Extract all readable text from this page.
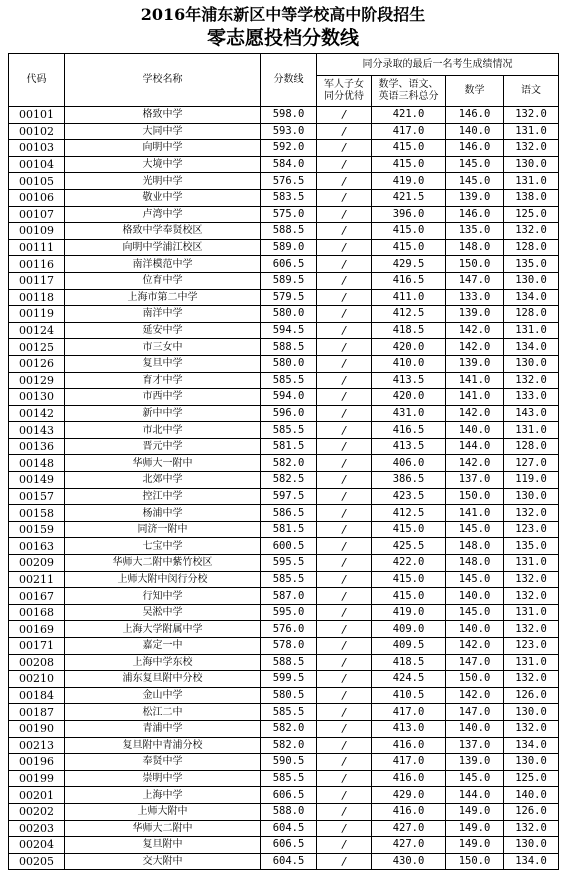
2016年浦东新区中等学校高中阶段招生
零志愿投档分数线
代码	学校名称	分数线	同分录取的最后一名考生成绩情况			
			军人子女同分优待	数学、语文、英语三科总分	数学	语文
00101	格致中学	598.0	/	421.0	146.0	132.0
00102	大同中学	593.0	/	417.0	140.0	131.0
00103	向明中学	592.0	/	415.0	146.0	132.0
00104	大境中学	584.0	/	415.0	145.0	130.0
00105	光明中学	576.5	/	419.0	145.0	131.0
00106	敬业中学	583.5	/	421.5	139.0	138.0
00107	卢湾中学	575.0	/	396.0	146.0	125.0
00109	格致中学奉贤校区	588.5	/	415.0	135.0	132.0
00111	向明中学浦江校区	589.0	/	415.0	148.0	128.0
00116	南洋模范中学	606.5	/	429.5	150.0	135.0
00117	位育中学	589.5	/	416.5	147.0	130.0
00118	上海市第二中学	579.5	/	411.0	133.0	134.0
00119	南洋中学	580.0	/	412.5	139.0	128.0
00124	延安中学	594.5	/	418.5	142.0	131.0
00125	市三女中	588.5	/	420.0	142.0	134.0
00126	复旦中学	580.0	/	410.0	139.0	130.0
00129	育才中学	585.5	/	413.5	141.0	132.0
00130	市西中学	594.0	/	420.0	141.0	133.0
00142	新中中学	596.0	/	431.0	142.0	143.0
00143	市北中学	585.5	/	416.5	140.0	131.0
00136	晋元中学	581.5	/	413.5	144.0	128.0
00148	华师大一附中	582.0	/	406.0	142.0	127.0
00149	北郊中学	582.5	/	386.5	137.0	119.0
00157	控江中学	597.5	/	423.5	150.0	130.0
00158	杨浦中学	586.5	/	412.5	141.0	132.0
00159	同济一附中	581.5	/	415.0	145.0	123.0
00163	七宝中学	600.5	/	425.5	148.0	135.0
00209	华师大二附中紫竹校区	595.5	/	422.0	148.0	131.0
00211	上师大附中闵行分校	585.5	/	415.0	145.0	132.0
00167	行知中学	587.0	/	415.0	140.0	132.0
00168	吴淞中学	595.0	/	419.0	145.0	131.0
00169	上海大学附属中学	576.0	/	409.0	140.0	132.0
00171	嘉定一中	578.0	/	409.5	142.0	123.0
00208	上海中学东校	588.5	/	418.5	147.0	131.0
00210	浦东复旦附中分校	599.5	/	424.5	150.0	132.0
00184	金山中学	580.5	/	410.5	142.0	126.0
00187	松江二中	585.5	/	417.0	147.0	130.0
00190	青浦中学	582.0	/	413.0	140.0	132.0
00213	复旦附中青浦分校	582.0	/	416.0	137.0	134.0
00196	奉贤中学	590.5	/	417.0	139.0	130.0
00199	崇明中学	585.5	/	416.0	145.0	125.0
00201	上海中学	606.5	/	429.0	144.0	140.0
00202	上师大附中	588.0	/	416.0	149.0	126.0
00203	华师大二附中	604.5	/	427.0	149.0	132.0
00204	复旦附中	606.5	/	427.0	149.0	130.0
00205	交大附中	604.5	/	430.0	150.0	134.0
